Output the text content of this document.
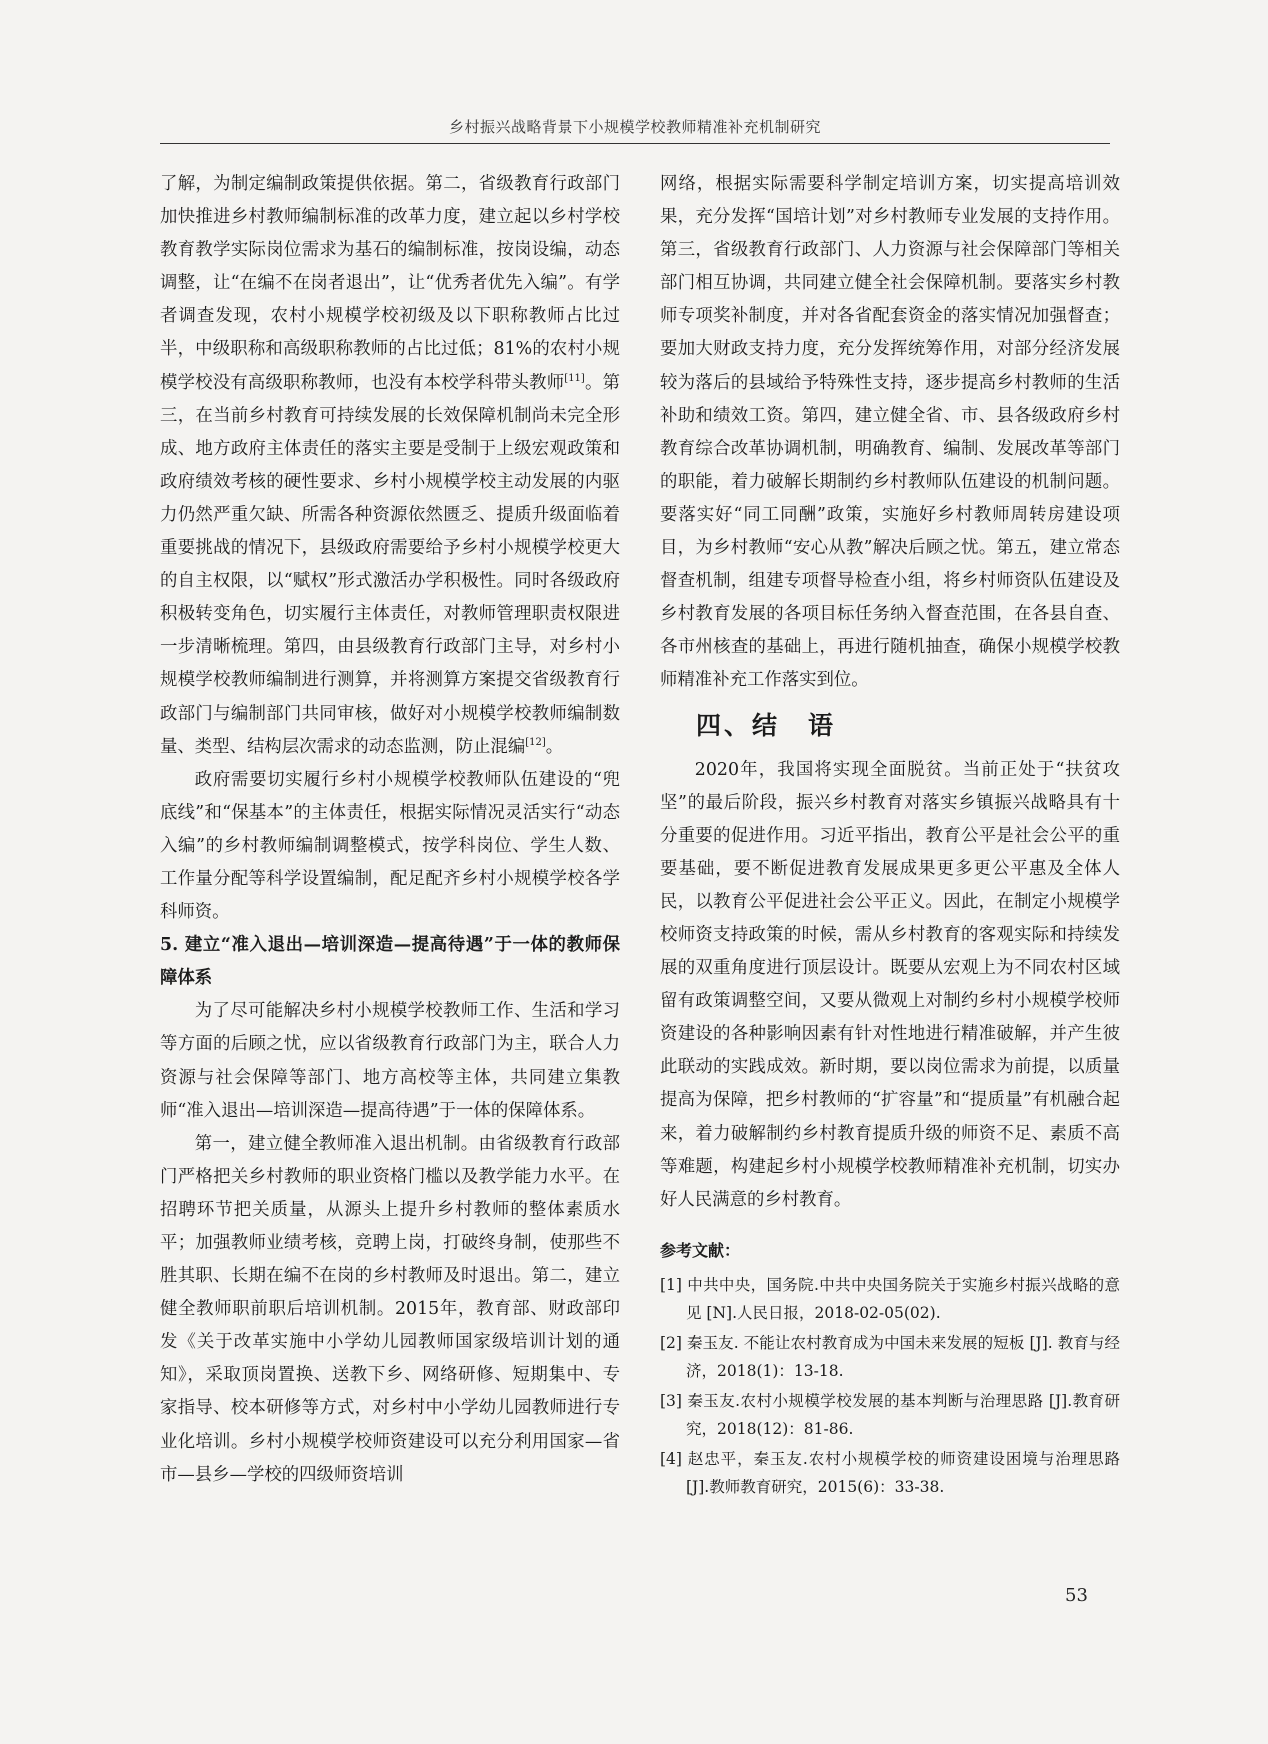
乡村振兴战略背景下小规模学校教师精准补充机制研究

了解，为制定编制政策提供依据。第二，省级教育行政部门加快推进乡村教师编制标准的改革力度，建立起以乡村学校教育教学实际岗位需求为基石的编制标准，按岗设编，动态调整，让“在编不在岗者退出”，让“优秀者优先入编”。有学者调查发现，农村小规模学校初级及以下职称教师占比过半，中级职称和高级职称教师的占比过低；81%的农村小规模学校没有高级职称教师，也没有本校学科带头教师[11]。第三，在当前乡村教育可持续发展的长效保障机制尚未完全形成、地方政府主体责任的落实主要是受制于上级宏观政策和政府绩效考核的硬性要求、乡村小规模学校主动发展的内驱力仍然严重欠缺、所需各种资源依然匮乏、提质升级面临着重要挑战的情况下，县级政府需要给予乡村小规模学校更大的自主权限，以“赋权”形式激活办学积极性。同时各级政府积极转变角色，切实履行主体责任，对教师管理职责权限进一步清晰梳理。第四，由县级教育行政部门主导，对乡村小规模学校教师编制进行测算，并将测算方案提交省级教育行政部门与编制部门共同审核，做好对小规模学校教师编制数量、类型、结构层次需求的动态监测，防止混编[12]。

政府需要切实履行乡村小规模学校教师队伍建设的“兜底线”和“保基本”的主体责任，根据实际情况灵活实行“动态入编”的乡村教师编制调整模式，按学科岗位、学生人数、工作量分配等科学设置编制，配足配齐乡村小规模学校各学科师资。

5. 建立“准入退出—培训深造—提高待遇”于一体的教师保障体系

为了尽可能解决乡村小规模学校教师工作、生活和学习等方面的后顾之忧，应以省级教育行政部门为主，联合人力资源与社会保障等部门、地方高校等主体，共同建立集教师“准入退出—培训深造—提高待遇”于一体的保障体系。

第一，建立健全教师准入退出机制。由省级教育行政部门严格把关乡村教师的职业资格门槛以及教学能力水平。在招聘环节把关质量，从源头上提升乡村教师的整体素质水平；加强教师业绩考核，竞聘上岗，打破终身制，使那些不胜其职、长期在编不在岗的乡村教师及时退出。第二，建立健全教师职前职后培训机制。2015年，教育部、财政部印发《关于改革实施中小学幼儿园教师国家级培训计划的通知》，采取顶岗置换、送教下乡、网络研修、短期集中、专家指导、校本研修等方式，对乡村中小学幼儿园教师进行专业化培训。乡村小规模学校师资建设可以充分利用国家—省市—县乡—学校的四级师资培训

网络，根据实际需要科学制定培训方案，切实提高培训效果，充分发挥“国培计划”对乡村教师专业发展的支持作用。第三，省级教育行政部门、人力资源与社会保障部门等相关部门相互协调，共同建立健全社会保障机制。要落实乡村教师专项奖补制度，并对各省配套资金的落实情况加强督查；要加大财政支持力度，充分发挥统筹作用，对部分经济发展较为落后的县域给予特殊性支持，逐步提高乡村教师的生活补助和绩效工资。第四，建立健全省、市、县各级政府乡村教育综合改革协调机制，明确教育、编制、发展改革等部门的职能，着力破解长期制约乡村教师队伍建设的机制问题。要落实好“同工同酬”政策，实施好乡村教师周转房建设项目，为乡村教师“安心从教”解决后顾之忧。第五，建立常态督查机制，组建专项督导检查小组，将乡村师资队伍建设及乡村教育发展的各项目标任务纳入督查范围，在各县自查、各市州核查的基础上，再进行随机抽查，确保小规模学校教师精准补充工作落实到位。

四、结　语

2020年，我国将实现全面脱贫。当前正处于“扶贫攻坚”的最后阶段，振兴乡村教育对落实乡镇振兴战略具有十分重要的促进作用。习近平指出，教育公平是社会公平的重要基础，要不断促进教育发展成果更多更公平惠及全体人民，以教育公平促进社会公平正义。因此，在制定小规模学校师资支持政策的时候，需从乡村教育的客观实际和持续发展的双重角度进行顶层设计。既要从宏观上为不同农村区域留有政策调整空间，又要从微观上对制约乡村小规模学校师资建设的各种影响因素有针对性地进行精准破解，并产生彼此联动的实践成效。新时期，要以岗位需求为前提，以质量提高为保障，把乡村教师的“扩容量”和“提质量”有机融合起来，着力破解制约乡村教育提质升级的师资不足、素质不高等难题，构建起乡村小规模学校教师精准补充机制，切实办好人民满意的乡村教育。

参考文献：
[1] 中共中央，国务院.中共中央国务院关于实施乡村振兴战略的意见 [N].人民日报，2018-02-05(02).
[2] 秦玉友. 不能让农村教育成为中国未来发展的短板 [J]. 教育与经济，2018(1)：13-18.
[3] 秦玉友.农村小规模学校发展的基本判断与治理思路 [J].教育研究，2018(12)：81-86.
[4] 赵忠平，秦玉友.农村小规模学校的师资建设困境与治理思路 [J].教师教育研究，2015(6)：33-38.
53
